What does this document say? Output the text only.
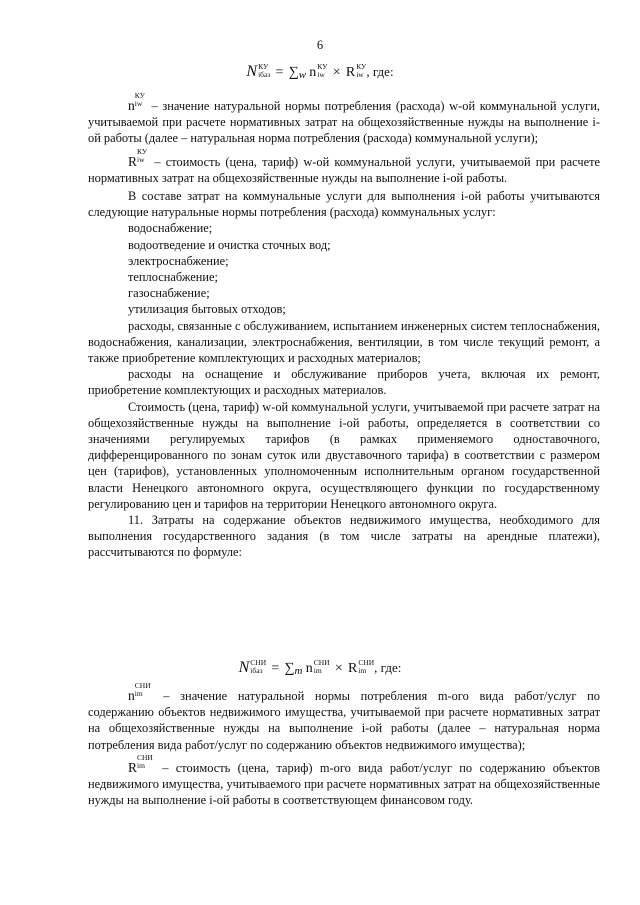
6
N КУ
iбаз = ∑w n КУ
iw × R КУ
iw , где:

n
КУ
iw – значение натуральной нормы потребления (расхода) w-ой коммунальной услуги, учитываемой при расчете нормативных затрат на общехозяйственные нужды на выполнение i-ой работы (далее – натуральная норма потребления (расхода) коммунальной услуги);

R
КУ
iw – стоимость (цена, тариф) w-ой коммунальной услуги, учитываемой при расчете нормативных затрат на общехозяйственные нужды на выполнение i-ой работы.

В составе затрат на коммунальные услуги для выполнения i-ой работы учитываются следующие натуральные нормы потребления (расхода) коммунальных услуг:

водоснабжение;

водоотведение и очистка сточных вод;

электроснабжение;

теплоснабжение;

газоснабжение;

утилизация бытовых отходов;

расходы, связанные с обслуживанием, испытанием инженерных систем теплоснабжения, водоснабжения, канализации, электроснабжения, вентиляции, в том числе текущий ремонт, а также приобретение комплектующих и расходных материалов;

расходы на оснащение и обслуживание приборов учета, включая их ремонт, приобретение комплектующих и расходных материалов.

Стоимость (цена, тариф) w-ой коммунальной услуги, учитываемой при расчете затрат на общехозяйственные нужды на выполнение i-ой работы, определяется в соответствии со значениями регулируемых тарифов (в рамках применяемого одноставочного, дифференцированного по зонам суток или двуставочного тарифа) в соответствии с размером цен (тарифов), установленных уполномоченным исполнительным органом государственной власти Ненецкого автономного округа, осуществляющего функции по государственному регулированию цен и тарифов на территории Ненецкого автономного округа.

11. Затраты на содержание объектов недвижимого имущества, необходимого для выполнения государственного задания (в том числе затраты на арендные платежи), рассчитываются по формуле:

N СНИ
iбаз = ∑m n СНИ
im × R СНИ
im , где:

n
СНИ
im – значение натуральной нормы потребления m-ого вида работ/услуг по содержанию объектов недвижимого имущества, учитываемой при расчете нормативных затрат на общехозяйственные нужды на выполнение i-ой работы (далее – натуральная норма потребления вида работ/услуг по содержанию объектов недвижимого имущества);

R
СНИ
im – стоимость (цена, тариф) m-ого вида работ/услуг по содержанию объектов недвижимого имущества, учитываемого при расчете нормативных затрат на общехозяйственные нужды на выполнение i-ой работы в соответствующем финансовом году.
